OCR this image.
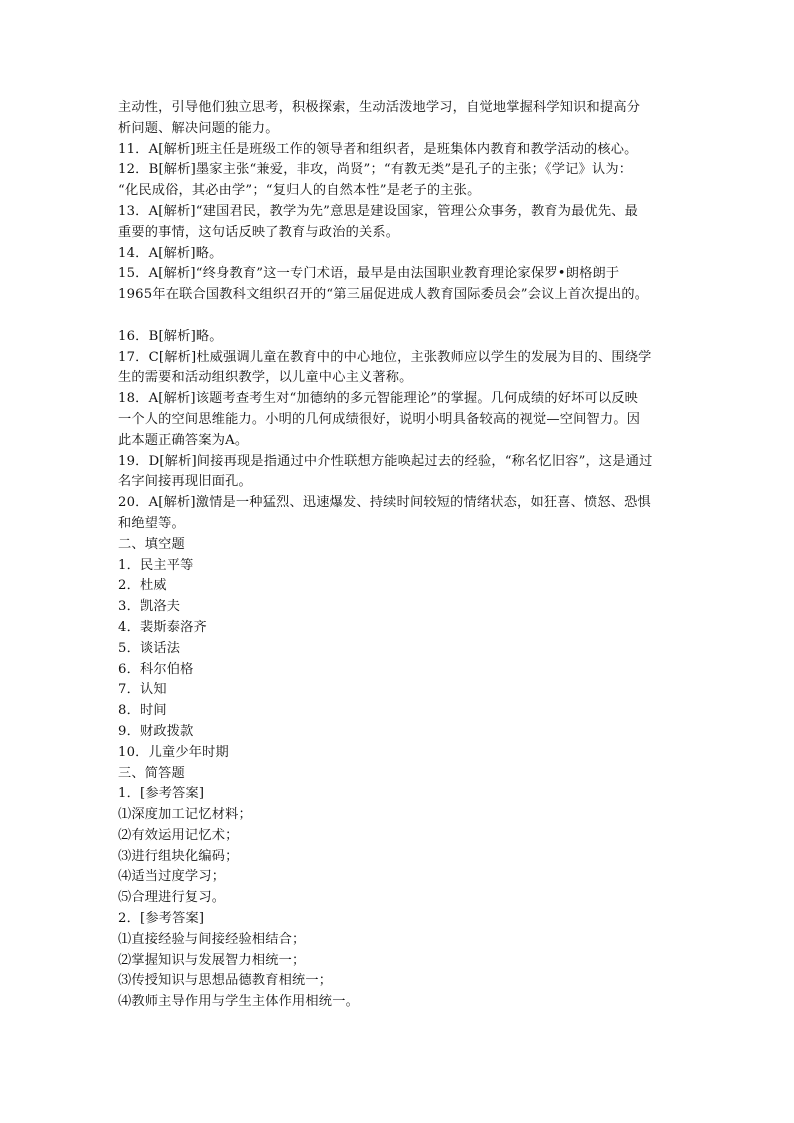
主动性，引导他们独立思考，积极探索，生动活泼地学习，自觉地掌握科学知识和提高分
析问题、解决问题的能力。
11．A[解析]班主任是班级工作的领导者和组织者，是班集体内教育和教学活动的核心。
12．B[解析]墨家主张“兼爱，非攻，尚贤”；“有教无类”是孔子的主张；《学记》认为：
“化民成俗，其必由学”；“复归人的自然本性”是老子的主张。
13．A[解析]“建国君民，教学为先”意思是建设国家，管理公众事务，教育为最优先、最
重要的事情，这句话反映了教育与政治的关系。
14．A[解析]略。
15．A[解析]“终身教育”这一专门术语，最早是由法国职业教育理论家保罗•朗格朗于
1965年在联合国教科文组织召开的“第三届促进成人教育国际委员会”会议上首次提出的。
16．B[解析]略。
17．C[解析]杜威强调儿童在教育中的中心地位，主张教师应以学生的发展为目的、围绕学
生的需要和活动组织教学，以儿童中心主义著称。
18．A[解析]该题考查考生对“加德纳的多元智能理论”的掌握。几何成绩的好坏可以反映
一个人的空间思维能力。小明的几何成绩很好，说明小明具备较高的视觉—空间智力。因
此本题正确答案为A。
19．D[解析]间接再现是指通过中介性联想方能唤起过去的经验，“称名忆旧容”，这是通过
名字间接再现旧面孔。
20．A[解析]激情是一种猛烈、迅速爆发、持续时间较短的情绪状态，如狂喜、愤怒、恐惧
和绝望等。
二、填空题
1．民主平等
2．杜威
3．凯洛夫
4．裴斯泰洛齐
5．谈话法
6．科尔伯格
7．认知
8．时间
9．财政拨款
10．儿童少年时期
三、简答题
1．[参考答案]
⑴深度加工记忆材料；
⑵有效运用记忆术；
⑶进行组块化编码；
⑷适当过度学习；
⑸合理进行复习。
2．[参考答案]
⑴直接经验与间接经验相结合；
⑵掌握知识与发展智力相统一；
⑶传授知识与思想品德教育相统一；
⑷教师主导作用与学生主体作用相统一。
